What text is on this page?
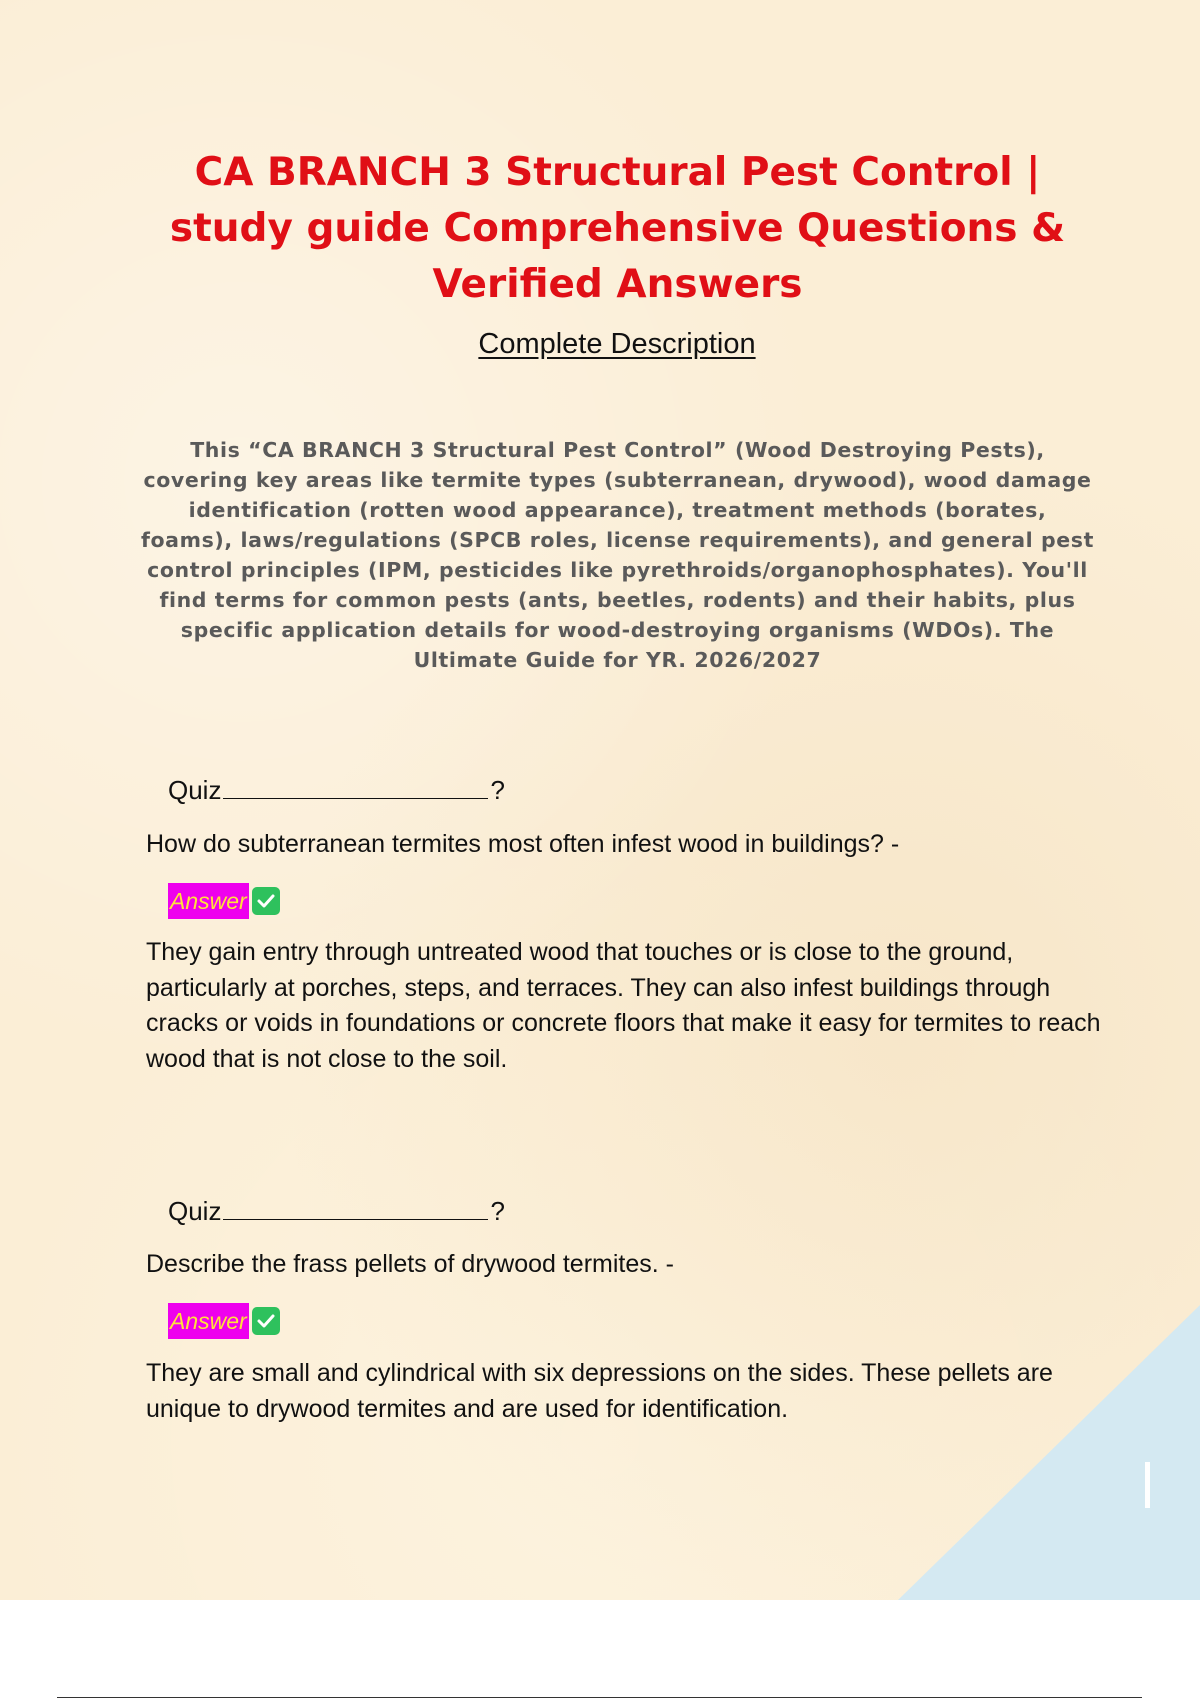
CA BRANCH 3 Structural Pest Control | study guide Comprehensive Questions & Verified Answers
Complete Description

This “CA BRANCH 3 Structural Pest Control” (Wood Destroying Pests), covering key areas like termite types (subterranean, drywood), wood damage identification (rotten wood appearance), treatment methods (borates, foams), laws/regulations (SPCB roles, license requirements), and general pest control principles (IPM, pesticides like pyrethroids/organophosphates). You'll find terms for common pests (ants, beetles, rodents) and their habits, plus specific application details for wood-destroying organisms (WDOs). The Ultimate Guide for YR. 2026/2027

Quiz	?
How do subterranean termites most often infest wood in buildings? -
Answer
They gain entry through untreated wood that touches or is close to the ground, particularly at porches, steps, and terraces. They can also infest buildings through cracks or voids in foundations or concrete floors that make it easy for termites to reach wood that is not close to the soil.
Quiz	?
Describe the frass pellets of drywood termites. -
Answer
They are small and cylindrical with six depressions on the sides. These pellets are unique to drywood termites and are used for identification.
